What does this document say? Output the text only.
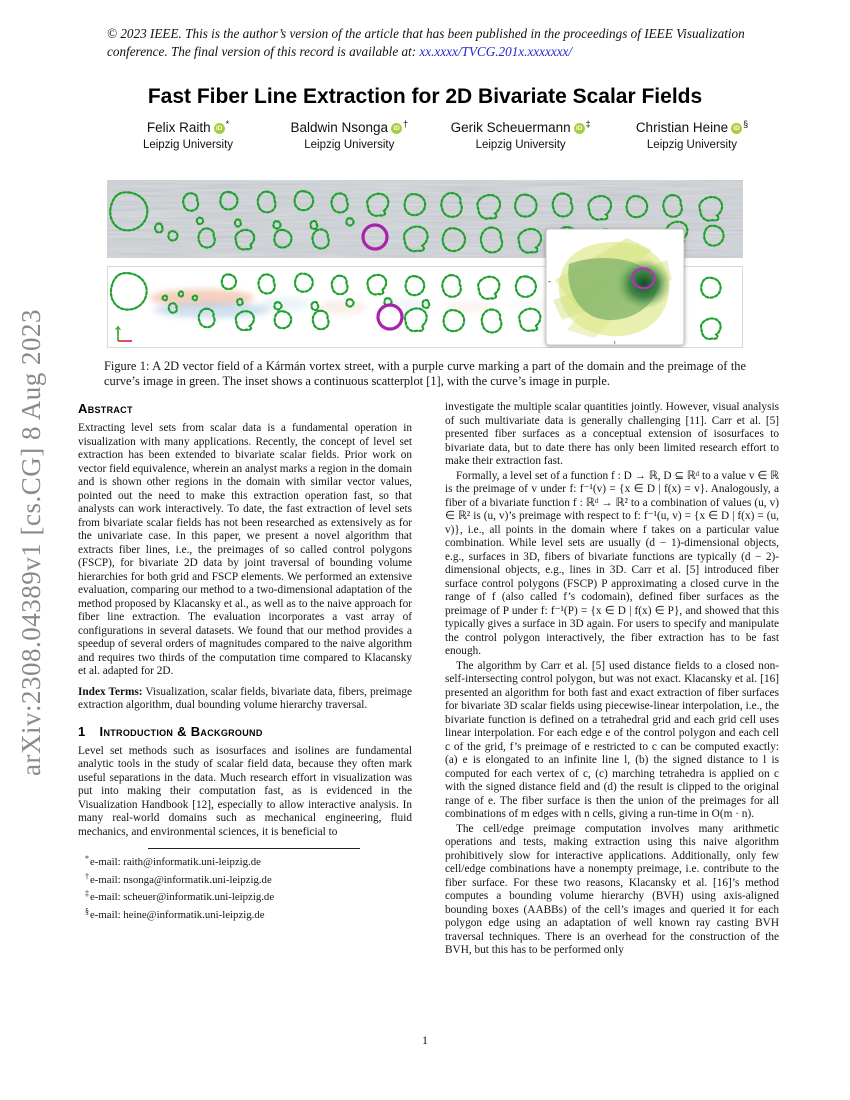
arXiv:2308.04389v1 [cs.CG] 8 Aug 2023
© 2023 IEEE. This is the author’s version of the article that has been published in the proceedings of IEEE Visualization conference. The final version of this record is available at: xx.xxxx/TVCG.201x.xxxxxxx/
Fast Fiber Line Extraction for 2D Bivariate Scalar Fields
Felix Raith iD *
Leipzig University
Baldwin Nsonga iD †
Leipzig University
Gerik Scheuermann iD ‡
Leipzig University
Christian Heine iD §
Leipzig University
Figure 1: A 2D vector field of a Kármán vortex street, with a purple curve marking a part of the domain and the preimage of the curve’s image in green. The inset shows a continuous scatterplot [1], with the curve’s image in purple.
Abstract

Extracting level sets from scalar data is a fundamental operation in visualization with many applications. Recently, the concept of level set extraction has been extended to bivariate scalar fields. Prior work on vector field equivalence, wherein an analyst marks a region in the domain and is shown other regions in the domain with similar vector values, pointed out the need to make this extraction operation fast, so that analysts can work interactively. To date, the fast extraction of level sets from bivariate scalar fields has not been researched as extensively as for the univariate case. In this paper, we present a novel algorithm that extracts fiber lines, i.e., the preimages of so called control polygons (FSCP), for bivariate 2D data by joint traversal of bounding volume hierarchies for both grid and FSCP elements. We performed an extensive evaluation, comparing our method to a two-dimensional adaptation of the method proposed by Klacansky et al., as well as to the naive approach for fiber line extraction. The evaluation incorporates a vast array of configurations in several datasets. We found that our method provides a speedup of several orders of magnitudes compared to the naive algorithm and requires two thirds of the computation time compared to Klacansky et al. adapted for 2D.

Index Terms: Visualization, scalar fields, bivariate data, fibers, preimage extraction algorithm, dual bounding volume hierarchy traversal.

1 Introduction & Background

Level set methods such as isosurfaces and isolines are fundamental analytic tools in the study of scalar field data, because they often mark useful separations in the data. Much research effort in visualization was put into making their computation fast, as is evidenced in the Visualization Handbook [12], especially to allow interactive analysis. In many real-world domains such as mechanical engineering, fluid mechanics, and environmental sciences, it is beneficial to

*e-mail: raith@informatik.uni-leipzig.de
†e-mail: nsonga@informatik.uni-leipzig.de
‡e-mail: scheuer@informatik.uni-leipzig.de
§e-mail: heine@informatik.uni-leipzig.de

investigate the multiple scalar quantities jointly. However, visual analysis of such multivariate data is generally challenging [11]. Carr et al. [5] presented fiber surfaces as a conceptual extension of isosurfaces to bivariate data, but to date there has only been limited research effort to make their extraction fast.

Formally, a level set of a function f : D → ℝ, D ⊆ ℝᵈ to a value v ∈ ℝ is the preimage of v under f: f⁻¹(v) = {x ∈ D | f(x) = v}. Analogously, a fiber of a bivariate function f : ℝᵈ → ℝ² to a combination of values (u, v) ∈ ℝ² is (u, v)’s preimage with respect to f: f⁻¹(u, v) = {x ∈ D | f(x) = (u, v)}, i.e., all points in the domain where f takes on a particular value combination. While level sets are usually (d − 1)-dimensional objects, e.g., surfaces in 3D, fibers of bivariate functions are typically (d − 2)-dimensional objects, e.g., lines in 3D. Carr et al. [5] introduced fiber surface control polygons (FSCP) P approximating a closed curve in the range of f (also called f’s codomain), defined fiber surfaces as the preimage of P under f: f⁻¹(P) = {x ∈ D | f(x) ∈ P}, and showed that this typically gives a surface in 3D again. For users to specify and manipulate the control polygon interactively, the fiber extraction has to be fast enough.

The algorithm by Carr et al. [5] used distance fields to a closed non-self-intersecting control polygon, but was not exact. Klacansky et al. [16] presented an algorithm for both fast and exact extraction of fiber surfaces for bivariate 3D scalar fields using piecewise-linear interpolation, i.e., the bivariate function is defined on a tetrahedral grid and each grid cell uses linear interpolation. For each edge e of the control polygon and each cell c of the grid, f’s preimage of e restricted to c can be computed exactly: (a) e is elongated to an infinite line l, (b) the signed distance to l is computed for each vertex of c, (c) marching tetrahedra is applied on c with the signed distance field and (d) the result is clipped to the original range of e. The fiber surface is then the union of the preimages for all combinations of m edges with n cells, giving a run-time in O(m · n).

The cell/edge preimage computation involves many arithmetic operations and tests, making extraction using this naive algorithm prohibitively slow for interactive applications. Additionally, only few cell/edge combinations have a nonempty preimage, i.e. contribute to the fiber surface. For these two reasons, Klacansky et al. [16]’s method computes a bounding volume hierarchy (BVH) using axis-aligned bounding boxes (AABBs) of the cell’s images and queried it for each polygon edge using an adaptation of well known ray casting BVH traversal techniques. There is an overhead for the construction of the BVH, but this has to be performed only

1
